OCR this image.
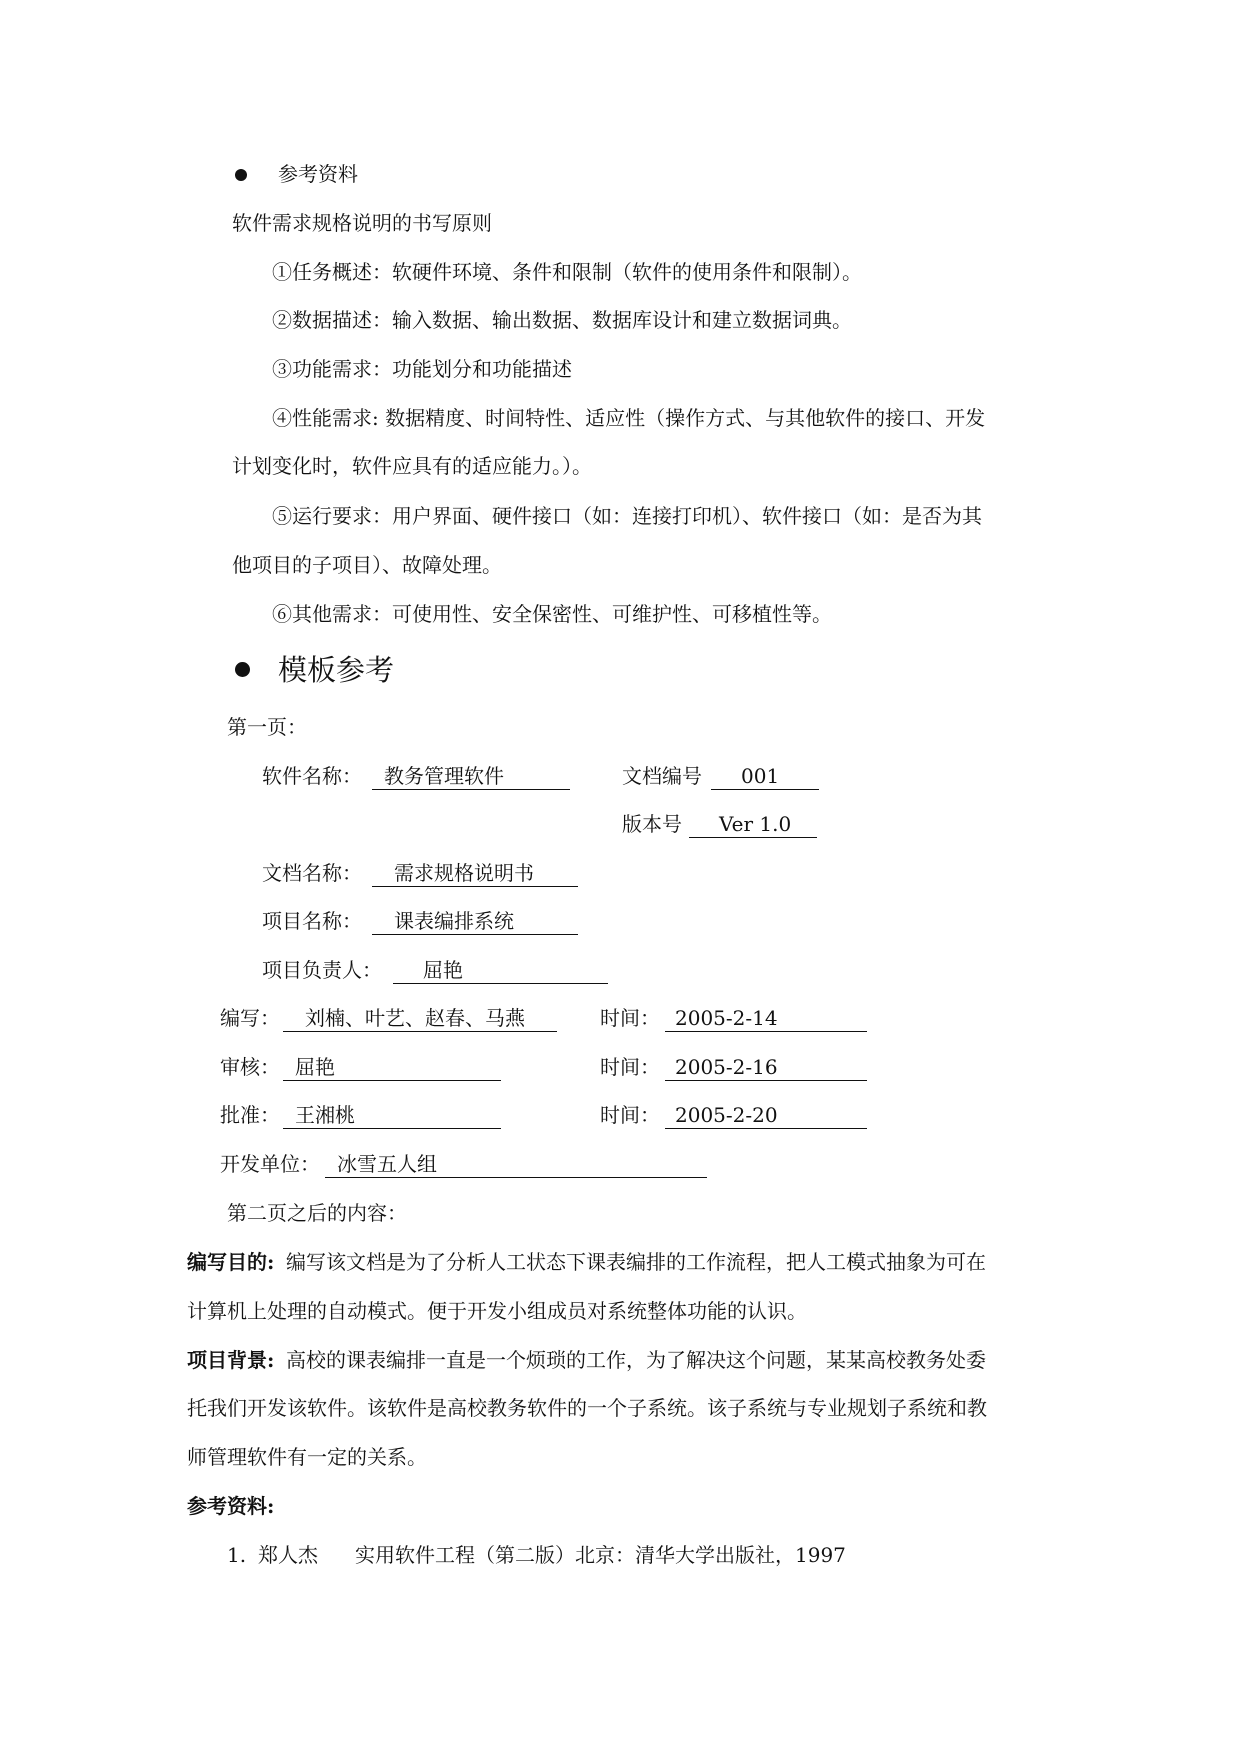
参考资料
软件需求规格说明的书写原则
①任务概述：软硬件环境、条件和限制（软件的使用条件和限制）。
②数据描述：输入数据、输出数据、数据库设计和建立数据词典。
③功能需求：功能划分和功能描述
④性能需求: 数据精度、时间特性、适应性（操作方式、与其他软件的接口、开发
计划变化时，软件应具有的适应能力。）。
⑤运行要求：用户界面、硬件接口（如：连接打印机）、软件接口（如：是否为其
他项目的子项目）、故障处理。
⑥其他需求：可使用性、安全保密性、可维护性、可移植性等。
模板参考
第一页：
软件名称：	教务管理软件	文档编号	001
版本号	Ver 1.0
文档名称：	需求规格说明书
项目名称：	课表编排系统
项目负责人：	屈艳
编写：	刘楠、叶艺、赵春、马燕	时间： 2005-2-14
审核： 屈艳	时间： 2005-2-16
批准： 王湘桃	时间： 2005-2-20
开发单位： 冰雪五人组
第二页之后的内容：
编写目的: 编写该文档是为了分析人工状态下课表编排的工作流程，把人工模式抽象为可在
计算机上处理的自动模式。便于开发小组成员对系统整体功能的认识。
项目背景: 高校的课表编排一直是一个烦琐的工作，为了解决这个问题，某某高校教务处委
托我们开发该软件。该软件是高校教务软件的一个子系统。该子系统与专业规划子系统和教
师管理软件有一定的关系。
参考资料:
1. 郑人杰 实用软件工程（第二版）北京：清华大学出版社，1997
